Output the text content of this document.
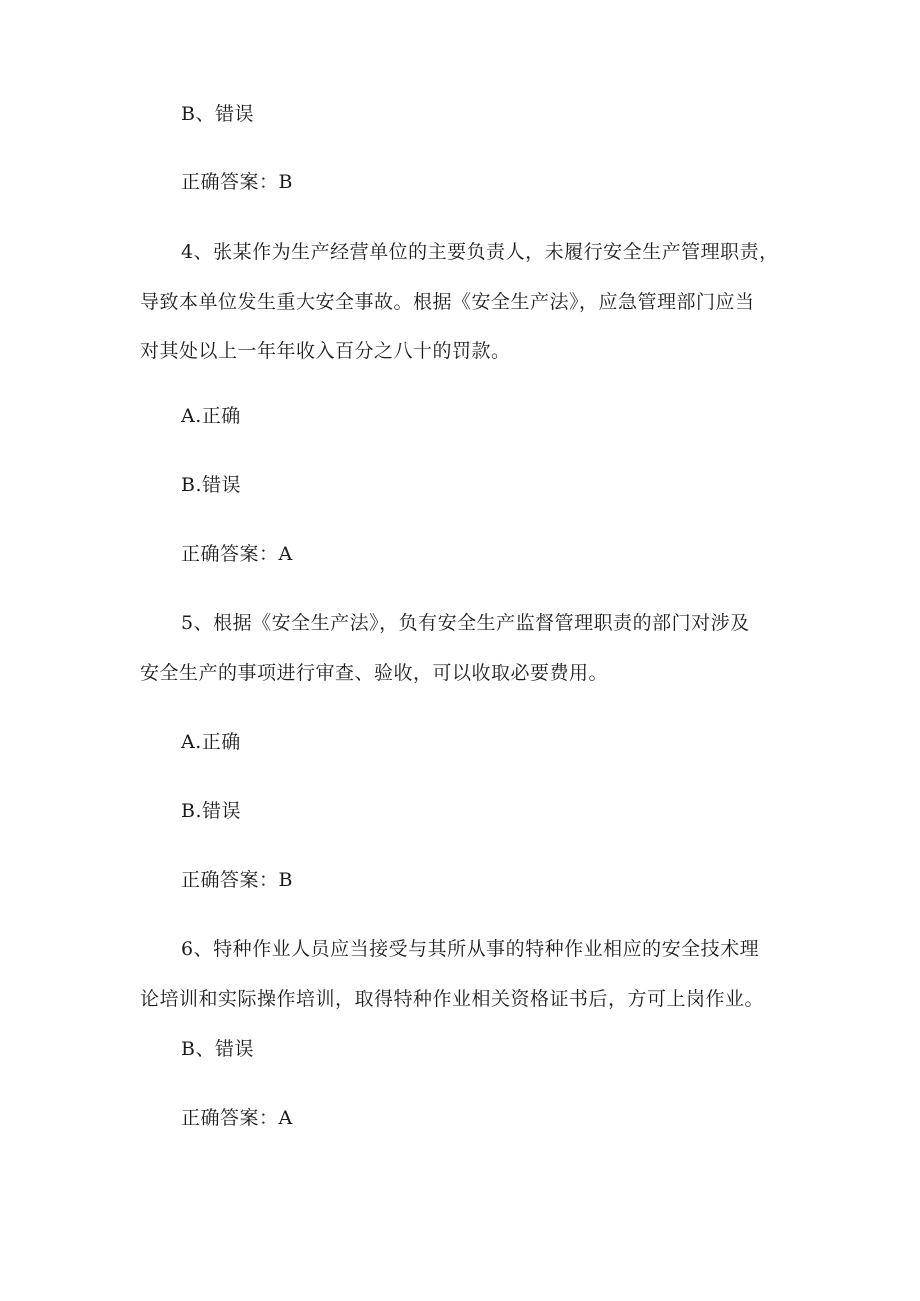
B、错误
正确答案：B
4、张某作为生产经营单位的主要负责人，未履行安全生产管理职责，
导致本单位发生重大安全事故。根据《安全生产法》，应急管理部门应当
对其处以上一年年收入百分之八十的罚款。
A.正确
B.错误
正确答案：A
5、根据《安全生产法》，负有安全生产监督管理职责的部门对涉及
安全生产的事项进行审查、验收，可以收取必要费用。
A.正确
B.错误
正确答案：B
6、特种作业人员应当接受与其所从事的特种作业相应的安全技术理
论培训和实际操作培训，取得特种作业相关资格证书后，方可上岗作业。
B、错误
正确答案：A
